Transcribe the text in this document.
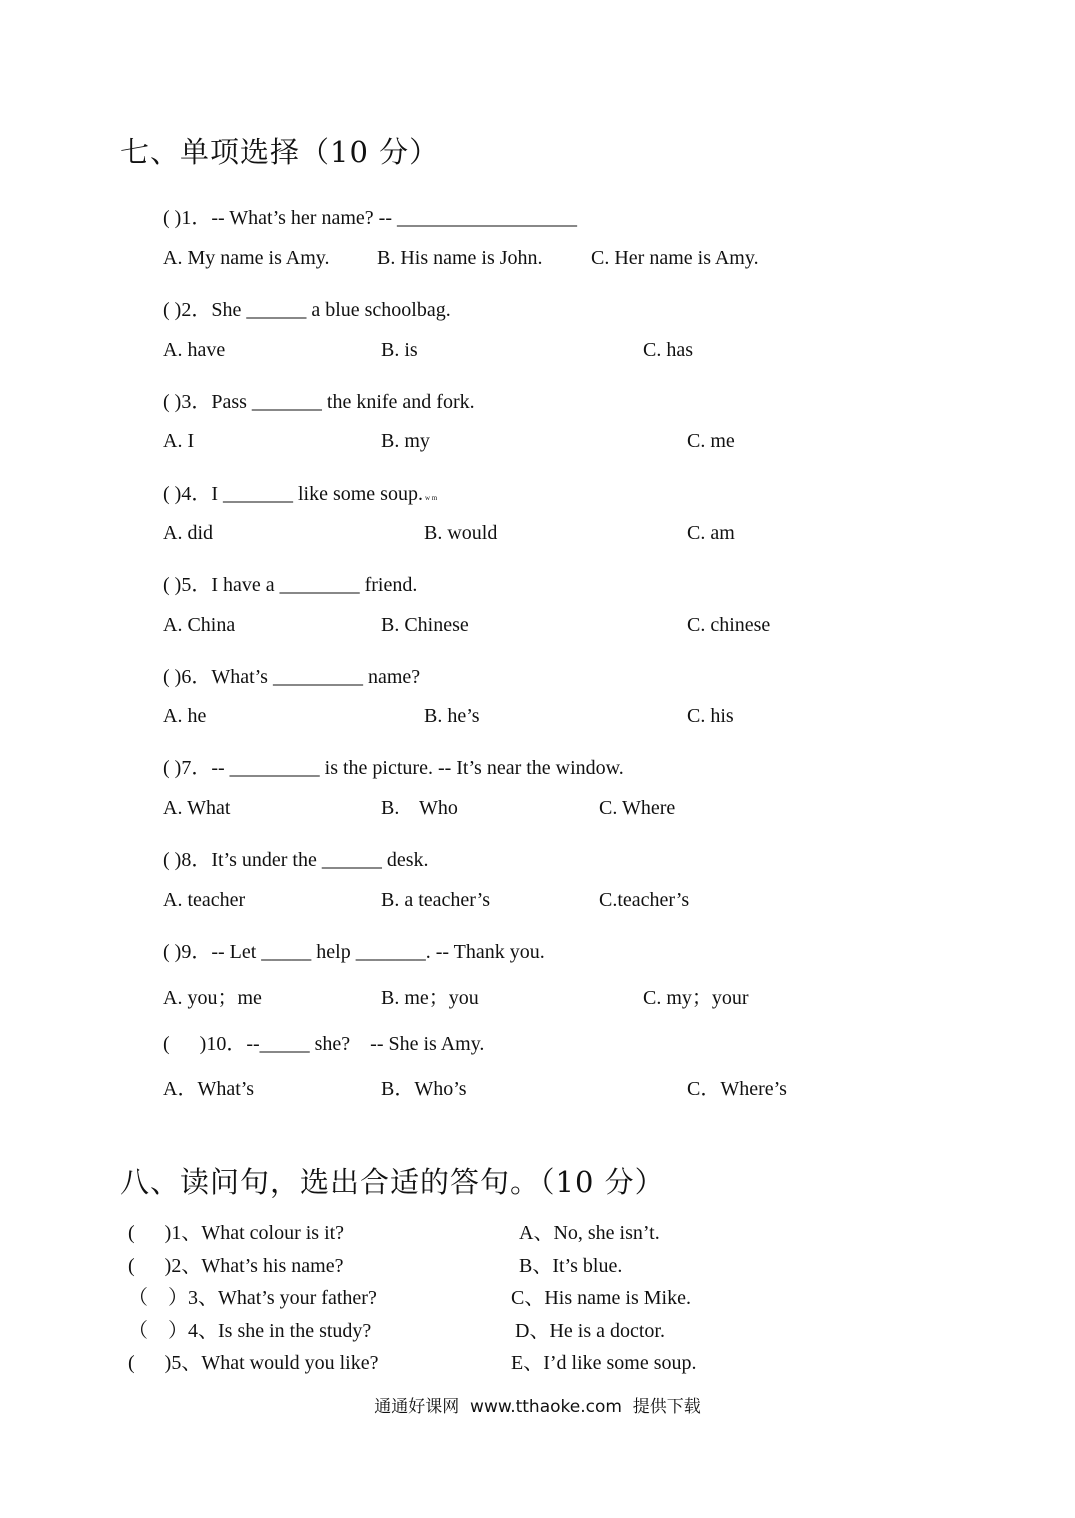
七、单项选择（10 分）
( )1．-- What’s her name? -- __________________
A. My name is Amy. B. His name is John. C. Her name is Amy.
( )2．She ______ a blue schoolbag.
A. have	B. is	C. has
( )3．Pass _______ the knife and fork.
A. I	B. my	C. me
( )4．I _______ like some soup. w m
A. did	B. would	C. am
( )5．I have a ________ friend.
A. China	B. Chinese	C. chinese
( )6．What’s _________ name?
A. he	B. he’s	C. his
( )7．-- _________ is the picture. -- It’s near the window.
A. What	B.    Who	C. Where
( )8．It’s under the ______ desk.
A. teacher	B. a teacher’s	C.teacher’s
( )9．-- Let _____ help _______. -- Thank you.
A. you；me	B. me；you	C. my；your
(      )10．--_____ she?    -- She is Amy.
A．What’s	B．Who’s	C．Where’s
八、读问句，选出合适的答句。（10 分）
(      )1、What colour is it?	A、No, she isn’t.
(      )2、What’s his name?	B、It’s blue.
（    ）3、What’s your father?	C、His name is Mike.
（    ）4、Is she in the study?	D、He is a doctor.
(      )5、What would you like?	E、I’d like some soup.
通通好课网  www.tthaoke.com  提供下载
